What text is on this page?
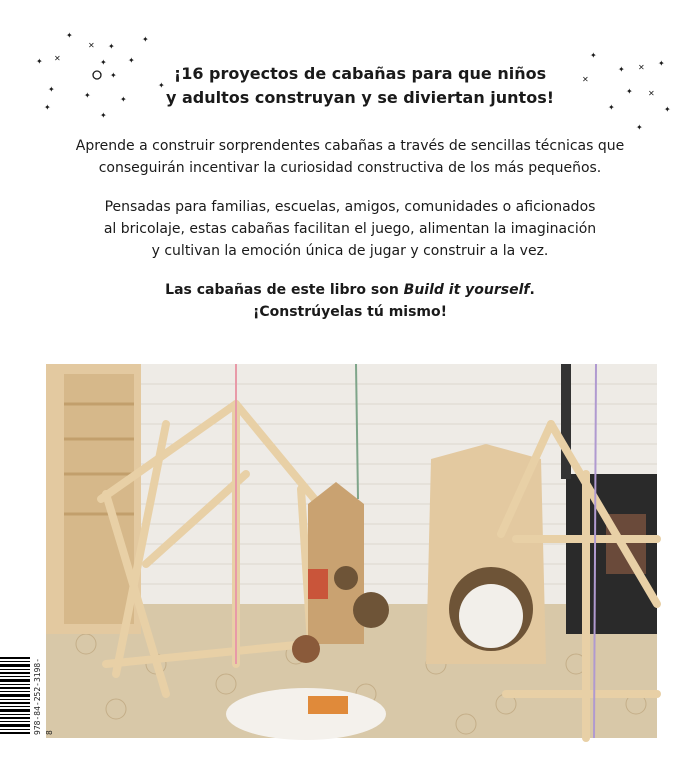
✦
✕ ✦
✦
✦ ✕	✦	✦
✦
✦
✦
✦	✦
✦
✦
✦
✦ ✕ ✦
✕
✦ ✕
✦	✦
✦
¡16 proyectos de cabañas para que niños
y adultos construyan y se diviertan juntos!

Aprende a construir sorprendentes cabañas a través de sencillas técnicas que
conseguirán incentivar la curiosidad constructiva de los más pequeños.

Pensadas para familias, escuelas, amigos, comunidades o aficionados
al bricolaje, estas cabañas facilitan el juego, alimentan la imaginación
y cultivan la emoción única de jugar y construir a la vez.

Las cabañas de este libro son Build it yourself.
¡Constrúyelas tú mismo!

978-84-252-3198-8
